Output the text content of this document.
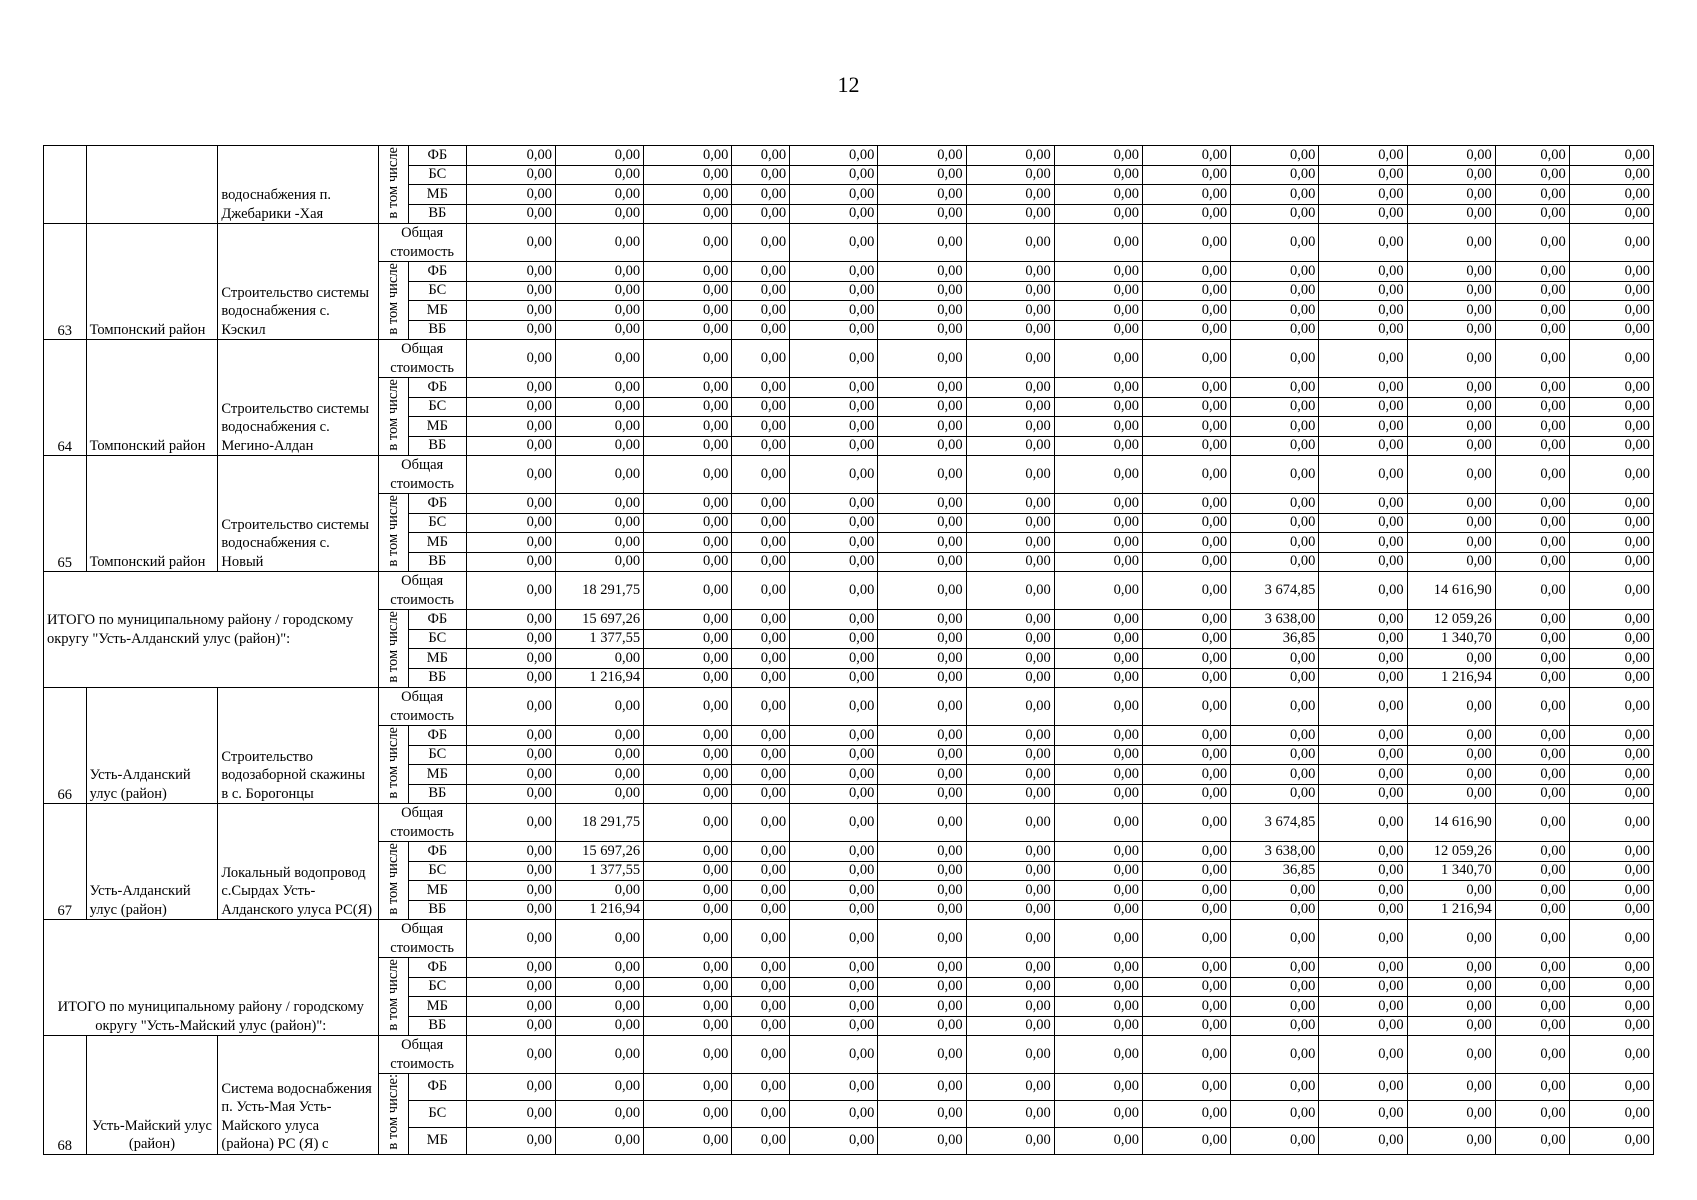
12
		водоснабжения п. Джебарики -Хая	в том числе	ФБ	0,00	0,00	0,00	0,00	0,00	0,00	0,00	0,00	0,00	0,00	0,00	0,00	0,00	0,00
				БС	0,00	0,00	0,00	0,00	0,00	0,00	0,00	0,00	0,00	0,00	0,00	0,00	0,00	0,00
				МБ	0,00	0,00	0,00	0,00	0,00	0,00	0,00	0,00	0,00	0,00	0,00	0,00	0,00	0,00
				ВБ	0,00	0,00	0,00	0,00	0,00	0,00	0,00	0,00	0,00	0,00	0,00	0,00	0,00	0,00
63	Томпонский район	Строительство системы водоснабжения с. Кэскил	Общая стоимость		0,00	0,00	0,00	0,00	0,00	0,00	0,00	0,00	0,00	0,00	0,00	0,00	0,00	0,00
			в том числе	ФБ	0,00	0,00	0,00	0,00	0,00	0,00	0,00	0,00	0,00	0,00	0,00	0,00	0,00	0,00
				БС	0,00	0,00	0,00	0,00	0,00	0,00	0,00	0,00	0,00	0,00	0,00	0,00	0,00	0,00
				МБ	0,00	0,00	0,00	0,00	0,00	0,00	0,00	0,00	0,00	0,00	0,00	0,00	0,00	0,00
				ВБ	0,00	0,00	0,00	0,00	0,00	0,00	0,00	0,00	0,00	0,00	0,00	0,00	0,00	0,00
64	Томпонский район	Строительство системы водоснабжения с. Мегино-Алдан	Общая стоимость		0,00	0,00	0,00	0,00	0,00	0,00	0,00	0,00	0,00	0,00	0,00	0,00	0,00	0,00
			в том числе	ФБ	0,00	0,00	0,00	0,00	0,00	0,00	0,00	0,00	0,00	0,00	0,00	0,00	0,00	0,00
				БС	0,00	0,00	0,00	0,00	0,00	0,00	0,00	0,00	0,00	0,00	0,00	0,00	0,00	0,00
				МБ	0,00	0,00	0,00	0,00	0,00	0,00	0,00	0,00	0,00	0,00	0,00	0,00	0,00	0,00
				ВБ	0,00	0,00	0,00	0,00	0,00	0,00	0,00	0,00	0,00	0,00	0,00	0,00	0,00	0,00
65	Томпонский район	Строительство системы водоснабжения с. Новый	Общая стоимость		0,00	0,00	0,00	0,00	0,00	0,00	0,00	0,00	0,00	0,00	0,00	0,00	0,00	0,00
			в том числе	ФБ	0,00	0,00	0,00	0,00	0,00	0,00	0,00	0,00	0,00	0,00	0,00	0,00	0,00	0,00
				БС	0,00	0,00	0,00	0,00	0,00	0,00	0,00	0,00	0,00	0,00	0,00	0,00	0,00	0,00
				МБ	0,00	0,00	0,00	0,00	0,00	0,00	0,00	0,00	0,00	0,00	0,00	0,00	0,00	0,00
				ВБ	0,00	0,00	0,00	0,00	0,00	0,00	0,00	0,00	0,00	0,00	0,00	0,00	0,00	0,00
ИТОГО по муниципальному району / городскому округу "Усть-Алданский улус (район)":			Общая стоимость		0,00	18 291,75	0,00	0,00	0,00	0,00	0,00	0,00	0,00	3 674,85	0,00	14 616,90	0,00	0,00
			в том числе	ФБ	0,00	15 697,26	0,00	0,00	0,00	0,00	0,00	0,00	0,00	3 638,00	0,00	12 059,26	0,00	0,00
				БС	0,00	1 377,55	0,00	0,00	0,00	0,00	0,00	0,00	0,00	36,85	0,00	1 340,70	0,00	0,00
				МБ	0,00	0,00	0,00	0,00	0,00	0,00	0,00	0,00	0,00	0,00	0,00	0,00	0,00	0,00
				ВБ	0,00	1 216,94	0,00	0,00	0,00	0,00	0,00	0,00	0,00	0,00	0,00	1 216,94	0,00	0,00
66	Усть-Алданский улус (район)	Строительство водозаборной скажины в с. Борогонцы	Общая стоимость		0,00	0,00	0,00	0,00	0,00	0,00	0,00	0,00	0,00	0,00	0,00	0,00	0,00	0,00
			в том числе	ФБ	0,00	0,00	0,00	0,00	0,00	0,00	0,00	0,00	0,00	0,00	0,00	0,00	0,00	0,00
				БС	0,00	0,00	0,00	0,00	0,00	0,00	0,00	0,00	0,00	0,00	0,00	0,00	0,00	0,00
				МБ	0,00	0,00	0,00	0,00	0,00	0,00	0,00	0,00	0,00	0,00	0,00	0,00	0,00	0,00
				ВБ	0,00	0,00	0,00	0,00	0,00	0,00	0,00	0,00	0,00	0,00	0,00	0,00	0,00	0,00
67	Усть-Алданский улус (район)	Локальный водопровод с.Сырдах Усть-Алданского улуса РС(Я)	Общая стоимость		0,00	18 291,75	0,00	0,00	0,00	0,00	0,00	0,00	0,00	3 674,85	0,00	14 616,90	0,00	0,00
			в том числе	ФБ	0,00	15 697,26	0,00	0,00	0,00	0,00	0,00	0,00	0,00	3 638,00	0,00	12 059,26	0,00	0,00
				БС	0,00	1 377,55	0,00	0,00	0,00	0,00	0,00	0,00	0,00	36,85	0,00	1 340,70	0,00	0,00
				МБ	0,00	0,00	0,00	0,00	0,00	0,00	0,00	0,00	0,00	0,00	0,00	0,00	0,00	0,00
				ВБ	0,00	1 216,94	0,00	0,00	0,00	0,00	0,00	0,00	0,00	0,00	0,00	1 216,94	0,00	0,00
ИТОГО по муниципальному району / городскому округу "Усть-Майский улус (район)":			Общая стоимость		0,00	0,00	0,00	0,00	0,00	0,00	0,00	0,00	0,00	0,00	0,00	0,00	0,00	0,00
			в том числе	ФБ	0,00	0,00	0,00	0,00	0,00	0,00	0,00	0,00	0,00	0,00	0,00	0,00	0,00	0,00
				БС	0,00	0,00	0,00	0,00	0,00	0,00	0,00	0,00	0,00	0,00	0,00	0,00	0,00	0,00
				МБ	0,00	0,00	0,00	0,00	0,00	0,00	0,00	0,00	0,00	0,00	0,00	0,00	0,00	0,00
				ВБ	0,00	0,00	0,00	0,00	0,00	0,00	0,00	0,00	0,00	0,00	0,00	0,00	0,00	0,00
68	Усть-Майский улус (район)	Система водоснабжения п. Усть-Мая Усть-Майского улуса (района) РС (Я) с	Общая стоимость		0,00	0,00	0,00	0,00	0,00	0,00	0,00	0,00	0,00	0,00	0,00	0,00	0,00	0,00
			в том числе:	ФБ	0,00	0,00	0,00	0,00	0,00	0,00	0,00	0,00	0,00	0,00	0,00	0,00	0,00	0,00
				БС	0,00	0,00	0,00	0,00	0,00	0,00	0,00	0,00	0,00	0,00	0,00	0,00	0,00	0,00
				МБ	0,00	0,00	0,00	0,00	0,00	0,00	0,00	0,00	0,00	0,00	0,00	0,00	0,00	0,00
